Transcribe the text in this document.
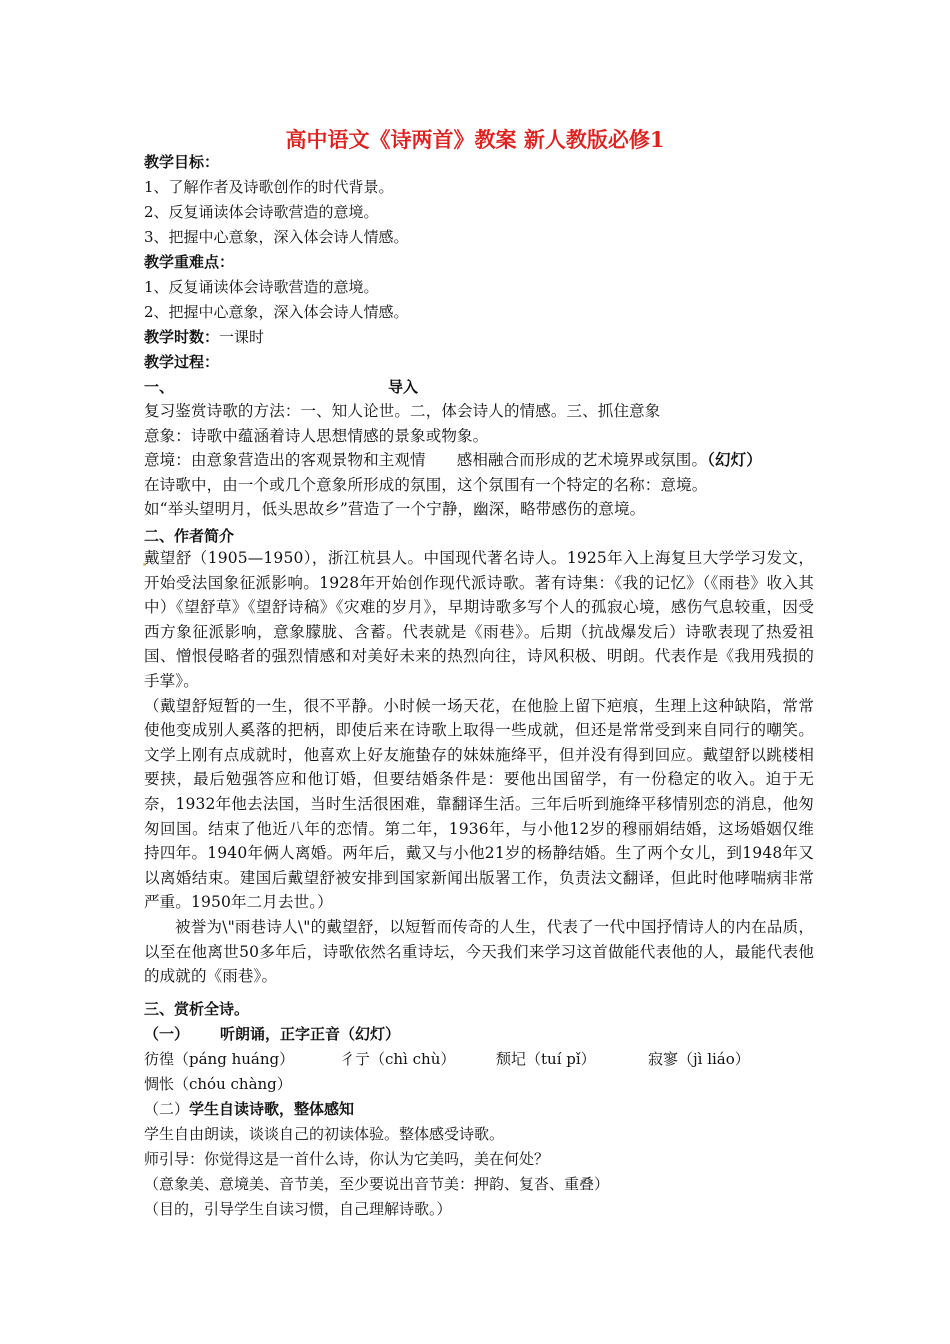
高中语文《诗两首》教案 新人教版必修1
教学目标：
1、了解作者及诗歌创作的时代背景。
2、反复诵读体会诗歌营造的意境。
3、把握中心意象，深入体会诗人情感。
教学重难点：
1、反复诵读体会诗歌营造的意境。
2、把握中心意象，深入体会诗人情感。
教学时数：一课时
教学过程：
一、	导入

复习鉴赏诗歌的方法：一、知人论世。二，体会诗人的情感。三、抓住意象

意象：诗歌中蕴涵着诗人思想情感的景象或物象。

意境：由意象营造出的客观景物和主观情 感相融合而形成的艺术境界或氛围。（幻灯）

在诗歌中，由一个或几个意象所形成的氛围，这个氛围有一个特定的名称：意境。

如“举头望明月，低头思故乡”营造了一个宁静，幽深，略带感伤的意境。

二、作者简介

戴望舒（1905—1950），浙江杭县人。中国现代著名诗人。1925年入上海复旦大学学习发文，开始受法国象征派影响。1928年开始创作现代派诗歌。著有诗集：《我的记忆》（《雨巷》收入其中）《望舒草》《望舒诗稿》《灾难的岁月》，早期诗歌多写个人的孤寂心境，感伤气息较重，因受西方象征派影响，意象朦胧、含蓄。代表就是《雨巷》。后期（抗战爆发后）诗歌表现了热爱祖国、憎恨侵略者的强烈情感和对美好未来的热烈向往，诗风积极、明朗。代表作是《我用残损的手掌》。

（戴望舒短暂的一生，很不平静。小时候一场天花，在他脸上留下疤痕，生理上这种缺陷，常常使他变成别人奚落的把柄，即使后来在诗歌上取得一些成就，但还是常常受到来自同行的嘲笑。文学上刚有点成就时，他喜欢上好友施蛰存的妹妹施绛平，但并没有得到回应。戴望舒以跳楼相要挟，最后勉强答应和他订婚，但要结婚条件是：要他出国留学，有一份稳定的收入。迫于无奈，1932年他去法国，当时生活很困难，靠翻译生活。三年后听到施绛平移情别恋的消息，他匆匆回国。结束了他近八年的恋情。第二年，1936年，与小他12岁的穆丽娟结婚，这场婚姻仅维持四年。1940年俩人离婚。两年后，戴又与小他21岁的杨静结婚。生了两个女儿，到1948年又以离婚结束。建国后戴望舒被安排到国家新闻出版署工作，负责法文翻译，但此时他哮喘病非常严重。1950年二月去世。）

被誉为\"雨巷诗人\"的戴望舒，以短暂而传奇的人生，代表了一代中国抒情诗人的内在品质，以至在他离世50多年后，诗歌依然名重诗坛，今天我们来学习这首做能代表他的人，最能代表他的成就的《雨巷》。

三、赏析全诗。
（一） 听朗诵，正字正音（幻灯）
彷徨（páng huáng）	彳亍（chì chù）	颓圮（tuí pǐ）	寂寥（jì liáo）
惆怅（chóu chàng）
（二）学生自读诗歌，整体感知
学生自由朗读，谈谈自己的初读体验。整体感受诗歌。
师引导：你觉得这是一首什么诗，你认为它美吗，美在何处？
（意象美、意境美、音节美，至少要说出音节美：押韵、复沓、重叠）
（目的，引导学生自读习惯，自己理解诗歌。）
